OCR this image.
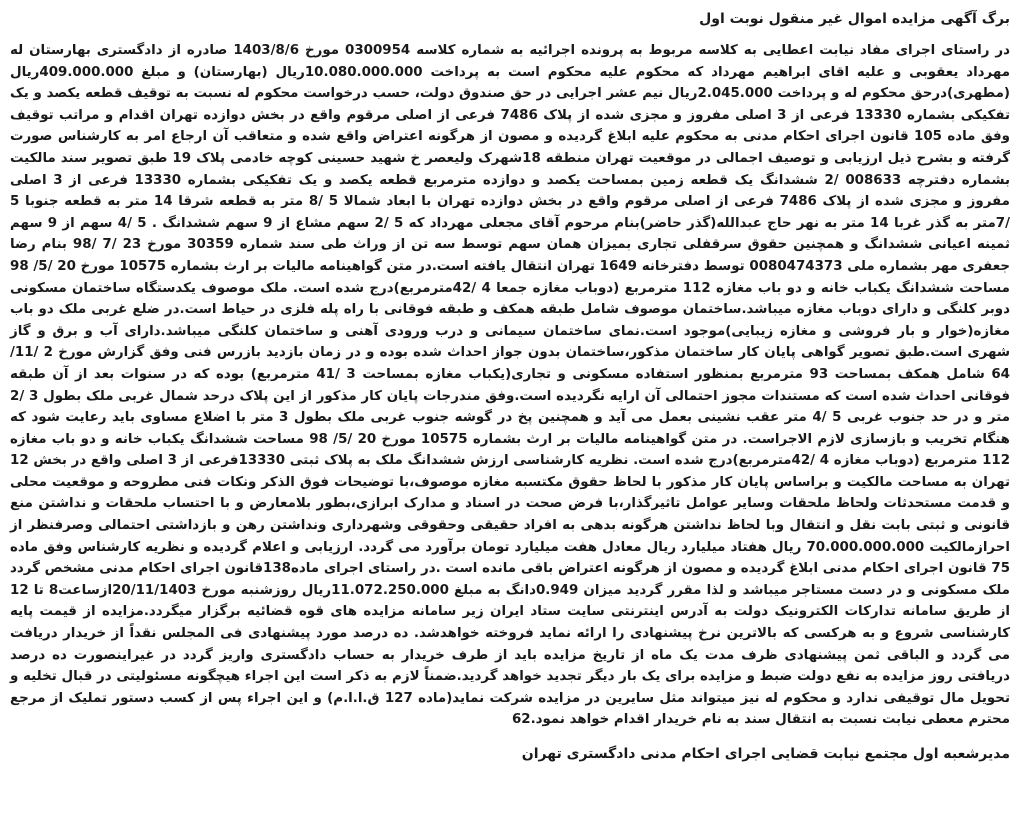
برگ آگهی مزایده اموال غیر منقول نوبت اول

در راستای اجرای مفاد نیابت اعطایی به کلاسه مربوط به پرونده اجرائیه به شماره کلاسه 0300954 مورخ 1403/8/6 صادره از دادگستری بهارستان له مهرداد یعقوبی و علیه اقای ابراهیم مهرداد که محکوم علیه محکوم است به پرداخت 10.080.000.000ریال (بهارستان) و مبلغ 409.000.000ریال (مطهری)درحق محکوم له و پرداخت 2.045.000ریال نیم عشر اجرایی در حق صندوق دولت، حسب درخواست محکوم له نسبت به توقیف قطعه یکصد و یک تفکیکی بشماره 13330 فرعی از 3 اصلی مفروز و مجزی شده از پلاک 7486 فرعی از اصلی مرقوم واقع در بخش دوازده تهران اقدام و مراتب توقیف وفق ماده 105 قانون اجرای احکام مدنی به محکوم علیه ابلاغ گردیده و مصون از هرگونه اعتراض واقع شده و متعاقب آن ارجاع امر به کارشناس صورت گرفته و بشرح ذیل ارزیابی و توصیف اجمالی در موقعیت تهران منطقه 18شهرک ولیعصر خ شهید حسینی کوچه خادمی پلاک 19 طبق تصویر سند مالکیت بشماره دفترچه 008633 /2 ششدانگ یک قطعه زمین بمساحت یکصد و دوازده مترمربع قطعه یکصد و یک تفکیکی بشماره 13330 فرعی از 3 اصلی مفروز و مجزی شده از پلاک 7486 فرعی از اصلی مرقوم واقع در بخش دوازده تهران با ابعاد شمالا 5 /8 متر به قطعه شرقا 14 متر به قطعه جنوبا 5 /7متر به گذر غربا 14 متر به نهر حاج عبدالله(گذر حاضر)بنام مرحوم آقای مجعلی مهرداد که 5 /2 سهم مشاع از 9 سهم ششدانگ . 5 /4 سهم از 9 سهم ثمینه اعیانی ششدانگ و همچنین حقوق سرقفلی تجاری بمیزان همان سهم توسط سه تن از وراث طی سند شماره 30359 مورخ 23 /7 /98 بنام رضا جعفری مهر بشماره ملی 0080474373 توسط دفترخانه 1649 تهران انتقال یافته است.در متن گواهینامه مالیات بر ارث بشماره 10575 مورخ 20 /5/ 98 مساحت ششدانگ یکباب خانه و دو باب مغازه 112 مترمربع (دوباب مغازه جمعا 4 /42مترمربع)درج شده است. ملک موصوف یکدستگاه ساختمان مسکونی دوبر کلنگی و دارای دوباب مغازه میباشد.ساختمان موصوف شامل طبقه همکف و طبقه فوقانی با راه پله فلزی در حیاط است.در ضلع غربی ملک دو باب مغازه(خوار و بار فروشی و مغازه زیبایی)موجود است.نمای ساختمان سیمانی و درب ورودی آهنی و ساختمان کلنگی میباشد.دارای آب و برق و گاز شهری است.طبق تصویر گواهی پایان کار ساختمان مذکور،ساختمان بدون جواز احداث شده بوده و در زمان بازدید بازرس فنی وفق گزارش مورخ 2 /11/ 64 شامل همکف بمساحت 93 مترمربع بمنظور استفاده مسکونی و تجاری(یکباب مغازه بمساحت 3 /41 مترمربع) بوده که در سنوات بعد از آن طبقه فوقانی احداث شده است که مستندات مجوز احتمالی آن ارایه نگردیده است.وفق مندرجات پایان کار مذکور از این پلاک درحد شمال غربی ملک بطول 3 /2 متر و در حد جنوب غربی 5 /4 متر عقب نشینی بعمل می آید و همچنین پخ در گوشه جنوب غربی ملک بطول 3 متر با اضلاع مساوی باید رعایت شود که هنگام تخریب و بازسازی لازم الاجراست. در متن گواهینامه مالیات بر ارث بشماره 10575 مورخ 20 /5/ 98 مساحت ششدانگ یکباب خانه و دو باب مغازه 112 مترمربع (دوباب مغازه 4 /42مترمربع)درج شده است. نظریه کارشناسی ارزش ششدانگ ملک به پلاک ثبتی 13330فرعی از 3 اصلی واقع در بخش 12 تهران به مساحت مالکیت و براساس پایان کار مذکور با لحاظ حقوق مکتسبه مغازه موصوف،با توضیحات فوق الذکر ونکات فنی مطروحه و موقعیت محلی و قدمت مستحدثات ولحاظ ملحقات وسایر عوامل تاثیرگذار،با فرض صحت در اسناد و مدارک ابرازی،بطور بلامعارض و با احتساب ملحقات و نداشتن منع قانونی و ثبتی بابت نقل و انتقال وبا لحاظ نداشتن هرگونه بدهی به افراد حقیقی وحقوقی وشهرداری ونداشتن رهن و بازداشتی احتمالی وصرفنظر از احرازمالکیت 70.000.000.000 ریال هفتاد میلیارد ریال معادل هفت میلیارد تومان برآورد می گردد. ارزیابی و اعلام گردیده و نظریه کارشناس وفق ماده 75 قانون اجرای احکام مدنی ابلاغ گردیده و مصون از هرگونه اعتراض باقی مانده است .در راستای اجرای ماده138قانون اجرای احکام مدنی مشخص گردد ملک مسکونی و در دست مستاجر میباشد و لذا مقرر گردید میزان 0.949دانگ به مبلغ 11.072.250.000ریال روزشنبه مورخ 20/11/1403ازساعت8 تا 12 از طریق سامانه تدارکات الکترونیک دولت به آدرس اینترنتی سایت ستاد ایران زیر سامانه مزایده های قوه قضائیه برگزار میگردد.مزایده از قیمت پایه کارشناسی شروع و به هرکسی که بالاترین نرخ پیشنهادی را ارائه نماید فروخته خواهدشد. ده درصد مورد پیشنهادی فی المجلس نقداً از خریدار دریافت می گردد و الباقی ثمن پیشنهادی ظرف مدت یک ماه از تاریخ مزایده باید از طرف خریدار به حساب دادگستری واریز گردد در غیراینصورت ده درصد دریافتی روز مزایده به نفع دولت ضبط و مزایده برای یک بار دیگر تجدید خواهد گردید.ضمناً لازم به ذکر است این اجراء هیچگونه مسئولیتی در قبال تخلیه و تحویل مال توقیفی ندارد و محکوم له نیز میتواند مثل سایرین در مزایده شرکت نماید(ماده 127 ق.ا.ا.م) و این اجراء پس از کسب دستور تملیک از مرجع محترم معطی نیابت نسبت به انتقال سند به نام خریدار اقدام خواهد نمود.62

مدیرشعبه اول مجتمع نیابت قضایی اجرای احکام مدنی دادگستری تهران
